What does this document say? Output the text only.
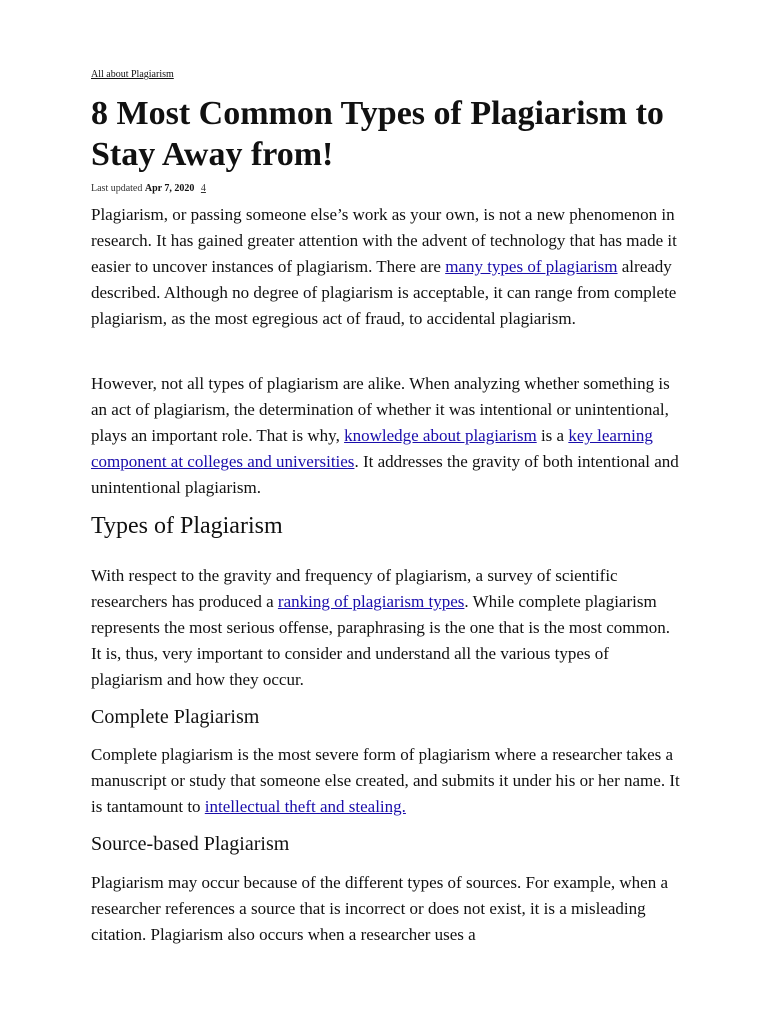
All about Plagiarism
8 Most Common Types of Plagiarism to Stay Away from!
Last updated Apr 7, 2020 4

Plagiarism, or passing someone else’s work as your own, is not a new phenomenon in research. It has gained greater attention with the advent of technology that has made it easier to uncover instances of plagiarism. There are many types of plagiarism already described. Although no degree of plagiarism is acceptable, it can range from complete plagiarism, as the most egregious act of fraud, to accidental plagiarism.

However, not all types of plagiarism are alike. When analyzing whether something is an act of plagiarism, the determination of whether it was intentional or unintentional, plays an important role. That is why, knowledge about plagiarism is a key learning component at colleges and universities. It addresses the gravity of both intentional and unintentional plagiarism.

Types of Plagiarism

With respect to the gravity and frequency of plagiarism, a survey of scientific researchers has produced a ranking of plagiarism types. While complete plagiarism represents the most serious offense, paraphrasing is the one that is the most common. It is, thus, very important to consider and understand all the various types of plagiarism and how they occur.

Complete Plagiarism

Complete plagiarism is the most severe form of plagiarism where a researcher takes a manuscript or study that someone else created, and submits it under his or her name. It is tantamount to intellectual theft and stealing.

Source-based Plagiarism

Plagiarism may occur because of the different types of sources. For example, when a researcher references a source that is incorrect or does not exist, it is a misleading citation. Plagiarism also occurs when a researcher uses a
